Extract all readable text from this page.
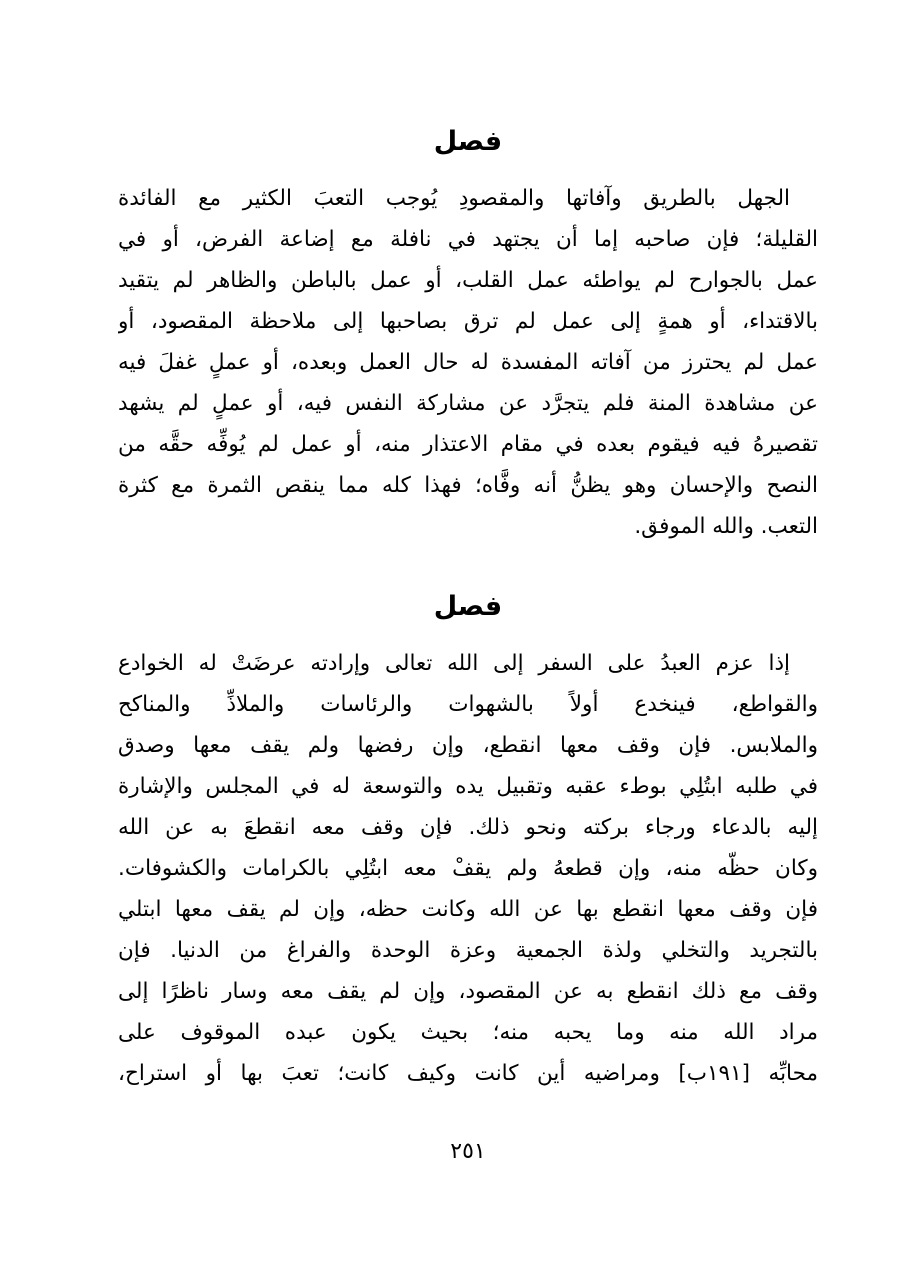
فصل
الجهل بالطريق وآفاتها والمقصودِ يُوجب التعبَ الكثير مع الفائدة
القليلة؛ فإن صاحبه إما أن يجتهد في نافلة مع إضاعة الفرض، أو في
عمل بالجوارح لم يواطئه عمل القلب، أو عمل بالباطن والظاهر لم يتقيد
بالاقتداء، أو همةٍ إلى عمل لم ترق بصاحبها إلى ملاحظة المقصود، أو
عمل لم يحترز من آفاته المفسدة له حال العمل وبعده، أو عملٍ غفلَ فيه
عن مشاهدة المنة فلم يتجرَّد عن مشاركة النفس فيه، أو عملٍ لم يشهد
تقصيرهُ فيه فيقوم بعده في مقام الاعتذار منه، أو عمل لم يُوفِّه حقَّه من
النصح والإحسان وهو يظنُّ أنه وفَّاه؛ فهذا كله مما ينقص الثمرة مع كثرة
التعب. والله الموفق.
فصل
إذا عزم العبدُ على السفر إلى الله تعالى وإرادته عرضَتْ له الخوادع
والقواطع، فينخدع أولاً بالشهوات والرئاسات والملاذِّ والمناكح
والملابس. فإن وقف معها انقطع، وإن رفضها ولم يقف معها وصدق
في طلبه ابتُلِي بوطء عقبه وتقبيل يده والتوسعة له في المجلس والإشارة
إليه بالدعاء ورجاء بركته ونحو ذلك. فإن وقف معه انقطعَ به عن الله
وكان حظّه منه، وإن قطعهُ ولم يقفْ معه ابتُلِي بالكرامات والكشوفات.
فإن وقف معها انقطع بها عن الله وكانت حظه، وإن لم يقف معها ابتلي
بالتجريد والتخلي ولذة الجمعية وعزة الوحدة والفراغ من الدنيا. فإن
وقف مع ذلك انقطع به عن المقصود، وإن لم يقف معه وسار ناظرًا إلى
مراد الله منه وما يحبه منه؛ بحيث يكون عبده الموقوف على
محابِّه [١٩١ب] ومراضيه أين كانت وكيف كانت؛ تعبَ بها أو استراح،
٢٥١
